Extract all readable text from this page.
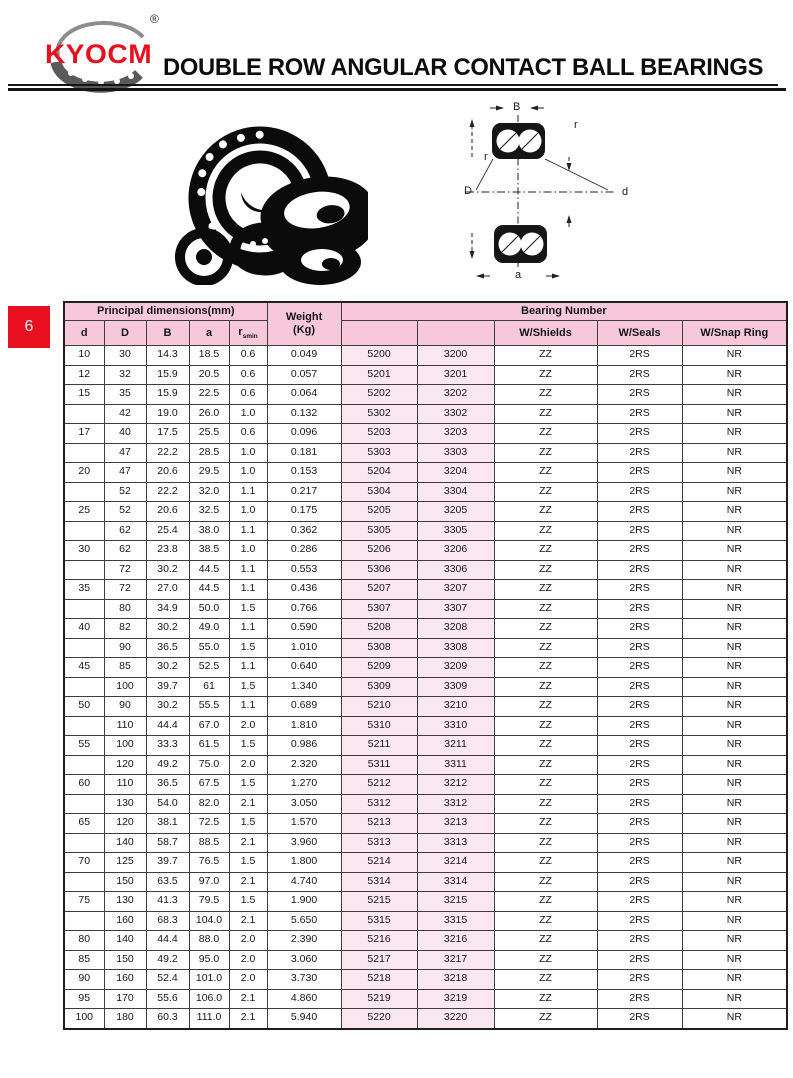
KYOCM
®
DOUBLE ROW ANGULAR CONTACT BALL BEARINGS
B
r
r
D	d
a
6
Principal dimensions(mm)					Weight
(Kg)	Bearing Number				
d	D	B	a	$r_{smin}$				W/Shields	W/Seals	W/Snap Ring
10	30	14.3	18.5	0.6	0.049	5200	3200	ZZ	2RS	NR
12	32	15.9	20.5	0.6	0.057	5201	3201	ZZ	2RS	NR
15	35	15.9	22.5	0.6	0.064	5202	3202	ZZ	2RS	NR
	42	19.0	26.0	1.0	0.132	5302	3302	ZZ	2RS	NR
17	40	17.5	25.5	0.6	0.096	5203	3203	ZZ	2RS	NR
	47	22.2	28.5	1.0	0.181	5303	3303	ZZ	2RS	NR
20	47	20.6	29.5	1.0	0.153	5204	3204	ZZ	2RS	NR
	52	22.2	32.0	1.1	0.217	5304	3304	ZZ	2RS	NR
25	52	20.6	32.5	1.0	0.175	5205	3205	ZZ	2RS	NR
	62	25.4	38.0	1.1	0.362	5305	3305	ZZ	2RS	NR
30	62	23.8	38.5	1.0	0.286	5206	3206	ZZ	2RS	NR
	72	30.2	44.5	1.1	0.553	5306	3306	ZZ	2RS	NR
35	72	27.0	44.5	1.1	0.436	5207	3207	ZZ	2RS	NR
	80	34.9	50.0	1.5	0.766	5307	3307	ZZ	2RS	NR
40	82	30.2	49.0	1.1	0.590	5208	3208	ZZ	2RS	NR
	90	36.5	55.0	1.5	1.010	5308	3308	ZZ	2RS	NR
45	85	30.2	52.5	1.1	0.640	5209	3209	ZZ	2RS	NR
	100	39.7	61	1.5	1.340	5309	3309	ZZ	2RS	NR
50	90	30.2	55.5	1.1	0.689	5210	3210	ZZ	2RS	NR
	110	44.4	67.0	2.0	1.810	5310	3310	ZZ	2RS	NR
55	100	33.3	61.5	1.5	0.986	5211	3211	ZZ	2RS	NR
	120	49.2	75.0	2.0	2.320	5311	3311	ZZ	2RS	NR
60	110	36.5	67.5	1.5	1.270	5212	3212	ZZ	2RS	NR
	130	54.0	82.0	2.1	3.050	5312	3312	ZZ	2RS	NR
65	120	38.1	72.5	1.5	1.570	5213	3213	ZZ	2RS	NR
	140	58.7	88.5	2.1	3.960	5313	3313	ZZ	2RS	NR
70	125	39.7	76.5	1.5	1.800	5214	3214	ZZ	2RS	NR
	150	63.5	97.0	2.1	4.740	5314	3314	ZZ	2RS	NR
75	130	41.3	79.5	1.5	1.900	5215	3215	ZZ	2RS	NR
	160	68.3	104.0	2.1	5.650	5315	3315	ZZ	2RS	NR
80	140	44.4	88.0	2.0	2.390	5216	3216	ZZ	2RS	NR
85	150	49.2	95.0	2.0	3.060	5217	3217	ZZ	2RS	NR
90	160	52.4	101.0	2.0	3.730	5218	3218	ZZ	2RS	NR
95	170	55.6	106.0	2.1	4.860	5219	3219	ZZ	2RS	NR
100	180	60.3	111.0	2.1	5.940	5220	3220	ZZ	2RS	NR
